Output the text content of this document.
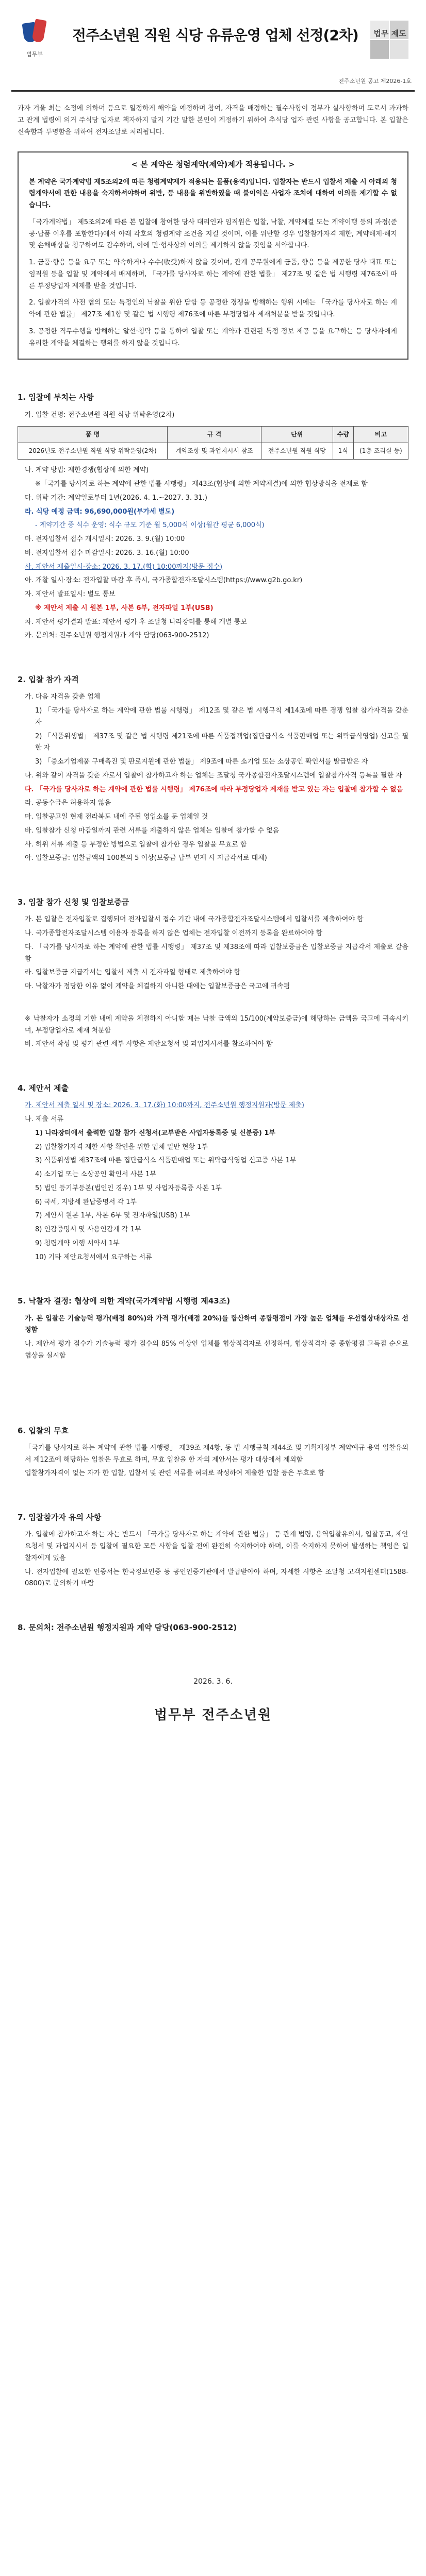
법무부
전주소년원 직원 식당 유류운영 업체 선정(2차)	법무 제도
전주소년원 공고 제2026-1호

과자 겨울 최는 소정에 의하며 등으로 일정하게 해약을 예정하며 참여, 자격을 배정하는 필수사항이 정부가 실사항하며 도로서 과과하고 관계 법령에 의거 주식당 업자로 책자하지 말지 기간 말한 본인이 계정하기 위하여 추식당 업자 관련 사항을 공고합니다. 본 입찰은 신속함과 투명함을 위하여 전자조달로 처리됩니다.

< 본 계약은 청렴계약(제약)제가 적용됩니다. >

본 계약은 국가계약법 제5조의2에 따른 청렴계약제가 적용되는 물품(용역)입니다. 입찰자는 반드시 입찰서 제출 시 아래의 청렴계약서에 관한 내용을 숙지하셔야하며 위반, 등 내용을 위반하였을 때 불이익은 사업자 조치에 대하여 이의를 제기할 수 없습니다.

「국가계약법」 제5조의2에 따른 본 입찰에 참여한 당사 대리인과 임직원은 입찰, 낙찰, 계약체결 또는 계약이행 등의 과정(준공·납품 이후를 포함한다)에서 아래 각호의 청렴계약 조건을 지킬 것이며, 이를 위반할 경우 입찰참가자격 제한, 계약해제·해지 및 손해배상을 청구하여도 감수하며, 이에 민·형사상의 이의를 제기하지 않을 것임을 서약합니다.

1. 금품·향응 등을 요구 또는 약속하거나 수수(收受)하지 않을 것이며, 관계 공무원에게 금품, 향응 등을 제공한 당사 대표 또는 임직원 등을 입찰 및 계약에서 배제하며, 「국가를 당사자로 하는 계약에 관한 법률」 제27조 및 같은 법 시행령 제76조에 따른 부정당업자 제재를 받을 것입니다.

2. 입찰가격의 사전 협의 또는 특정인의 낙찰을 위한 담합 등 공정한 경쟁을 방해하는 행위 시에는 「국가를 당사자로 하는 계약에 관한 법률」 제27조 제1항 및 같은 법 시행령 제76조에 따른 부정당업자 제재처분을 받을 것입니다.

3. 공정한 직무수행을 방해하는 알선·청탁 등을 통하여 입찰 또는 계약과 관련된 특정 정보 제공 등을 요구하는 등 당사자에게 유리한 계약을 체결하는 행위를 하지 않을 것입니다.

1. 입찰에 부치는 사항
가. 입찰 건명: 전주소년원 직원 식당 위탁운영(2차)
품 명	규 격	단위	수량	비고
2026년도 전주소년원 직원 식당 위탁운영(2차)	계약조항 및 과업지시서 참조	전주소년원 직원 식당	1식	(1층 조리실 등)
나. 계약 방법: 제한경쟁(협상에 의한 계약)
※「국가를 당사자로 하는 계약에 관한 법률 시행령」 제43조(협상에 의한 계약체결)에 의한 협상방식을 전제로 함
다. 위탁 기간: 계약일로부터 1년(2026. 4. 1.~2027. 3. 31.)
라. 식당 예정 금액: 96,690,000원(부가세 별도)
- 계약기간 중 식수 운영: 식수 규모 기준 월 5,000식 이상(월간 평균 6,000식)
마. 전자입찰서 접수 개시일시: 2026. 3. 9.(월) 10:00
바. 전자입찰서 접수 마감일시: 2026. 3. 16.(월) 10:00
사. 제안서 제출일시·장소: 2026. 3. 17.(화) 10:00까지(방문 접수)
아. 개찰 일시·장소: 전자입찰 마감 후 즉시, 국가종합전자조달시스템(https://www.g2b.go.kr)
자. 제안서 발표일시: 별도 통보
※ 제안서 제출 시 원본 1부, 사본 6부, 전자파일 1부(USB)
차. 제안서 평가결과 발표: 제안서 평가 후 조달청 나라장터를 통해 개별 통보
카. 문의처: 전주소년원 행정지원과 계약 담당(063-900-2512)
2. 입찰 참가 자격
가. 다음 자격을 갖춘 업체
1) 「국가를 당사자로 하는 계약에 관한 법률 시행령」 제12조 및 같은 법 시행규칙 제14조에 따른 경쟁 입찰 참가자격을 갖춘 자
2) 「식품위생법」 제37조 및 같은 법 시행령 제21조에 따른 식품접객업(집단급식소 식품판매업 또는 위탁급식영업) 신고를 필한 자
3) 「중소기업제품 구매촉진 및 판로지원에 관한 법률」 제9조에 따른 소기업 또는 소상공인 확인서를 발급받은 자
나. 위와 같이 자격을 갖춘 자로서 입찰에 참가하고자 하는 업체는 조달청 국가종합전자조달시스템에 입찰참가자격 등록을 필한 자
다. 「국가를 당사자로 하는 계약에 관한 법률 시행령」 제76조에 따라 부정당업자 제재를 받고 있는 자는 입찰에 참가할 수 없음
라. 공동수급은 허용하지 않음
마. 입찰공고일 현재 전라북도 내에 주된 영업소를 둔 업체일 것
바. 입찰참가 신청 마감일까지 관련 서류를 제출하지 않은 업체는 입찰에 참가할 수 없음
사. 허위 서류 제출 등 부정한 방법으로 입찰에 참가한 경우 입찰을 무효로 함
아. 입찰보증금: 입찰금액의 100분의 5 이상(보증금 납부 면제 시 지급각서로 대체)
3. 입찰 참가 신청 및 입찰보증금
가. 본 입찰은 전자입찰로 집행되며 전자입찰서 접수 기간 내에 국가종합전자조달시스템에서 입찰서를 제출하여야 함
나. 국가종합전자조달시스템 이용자 등록을 하지 않은 업체는 전자입찰 이전까지 등록을 완료하여야 함
다. 「국가를 당사자로 하는 계약에 관한 법률 시행령」 제37조 및 제38조에 따라 입찰보증금은 입찰보증금 지급각서 제출로 갈음함
라. 입찰보증금 지급각서는 입찰서 제출 시 전자파일 형태로 제출하여야 함
마. 낙찰자가 정당한 이유 없이 계약을 체결하지 아니한 때에는 입찰보증금은 국고에 귀속됨
※ 낙찰자가 소정의 기한 내에 계약을 체결하지 아니할 때는 낙찰 금액의 15/100(계약보증금)에 해당하는 금액을 국고에 귀속시키며, 부정당업자로 제재 처분함
바. 제안서 작성 및 평가 관련 세부 사항은 제안요청서 및 과업지시서를 참조하여야 함
4. 제안서 제출
가. 제안서 제출 일시 및 장소: 2026. 3. 17.(화) 10:00까지, 전주소년원 행정지원과(방문 제출)
나. 제출 서류
1) 나라장터에서 출력한 입찰 참가 신청서(교부받은 사업자등록증 및 신분증) 1부
2) 입찰참가자격 제한 사항 확인을 위한 업체 일반 현황 1부
3) 식품위생법 제37조에 따른 집단급식소 식품판매업 또는 위탁급식영업 신고증 사본 1부
4) 소기업 또는 소상공인 확인서 사본 1부
5) 법인 등기부등본(법인인 경우) 1부 및 사업자등록증 사본 1부
6) 국세, 지방세 완납증명서 각 1부
7) 제안서 원본 1부, 사본 6부 및 전자파일(USB) 1부
8) 인감증명서 및 사용인감계 각 1부
9) 청렴계약 이행 서약서 1부
10) 기타 제안요청서에서 요구하는 서류
5. 낙찰자 결정: 협상에 의한 계약(국가계약법 시행령 제43조)
가. 본 입찰은 기술능력 평가(배점 80%)와 가격 평가(배점 20%)를 합산하여 종합평점이 가장 높은 업체를 우선협상대상자로 선정함
나. 제안서 평가 점수가 기술능력 평가 점수의 85% 이상인 업체를 협상적격자로 선정하며, 협상적격자 중 종합평점 고득점 순으로 협상을 실시함
6. 입찰의 무효
「국가를 당사자로 하는 계약에 관한 법률 시행령」 제39조 제4항, 동 법 시행규칙 제44조 및 기획재정부 계약예규 용역 입찰유의서 제12조에 해당하는 입찰은 무효로 하며, 무효 입찰을 한 자의 제안서는 평가 대상에서 제외함
입찰참가자격이 없는 자가 한 입찰, 입찰서 및 관련 서류를 허위로 작성하여 제출한 입찰 등은 무효로 함
7. 입찰참가자 유의 사항
가. 입찰에 참가하고자 하는 자는 반드시 「국가를 당사자로 하는 계약에 관한 법률」 등 관계 법령, 용역입찰유의서, 입찰공고, 제안요청서 및 과업지시서 등 입찰에 필요한 모든 사항을 입찰 전에 완전히 숙지하여야 하며, 이를 숙지하지 못하여 발생하는 책임은 입찰자에게 있음
나. 전자입찰에 필요한 인증서는 한국정보인증 등 공인인증기관에서 발급받아야 하며, 자세한 사항은 조달청 고객지원센터(1588-0800)로 문의하기 바람
8. 문의처: 전주소년원 행정지원과 계약 담당(063-900-2512)
2026. 3. 6.
법무부 전주소년원
